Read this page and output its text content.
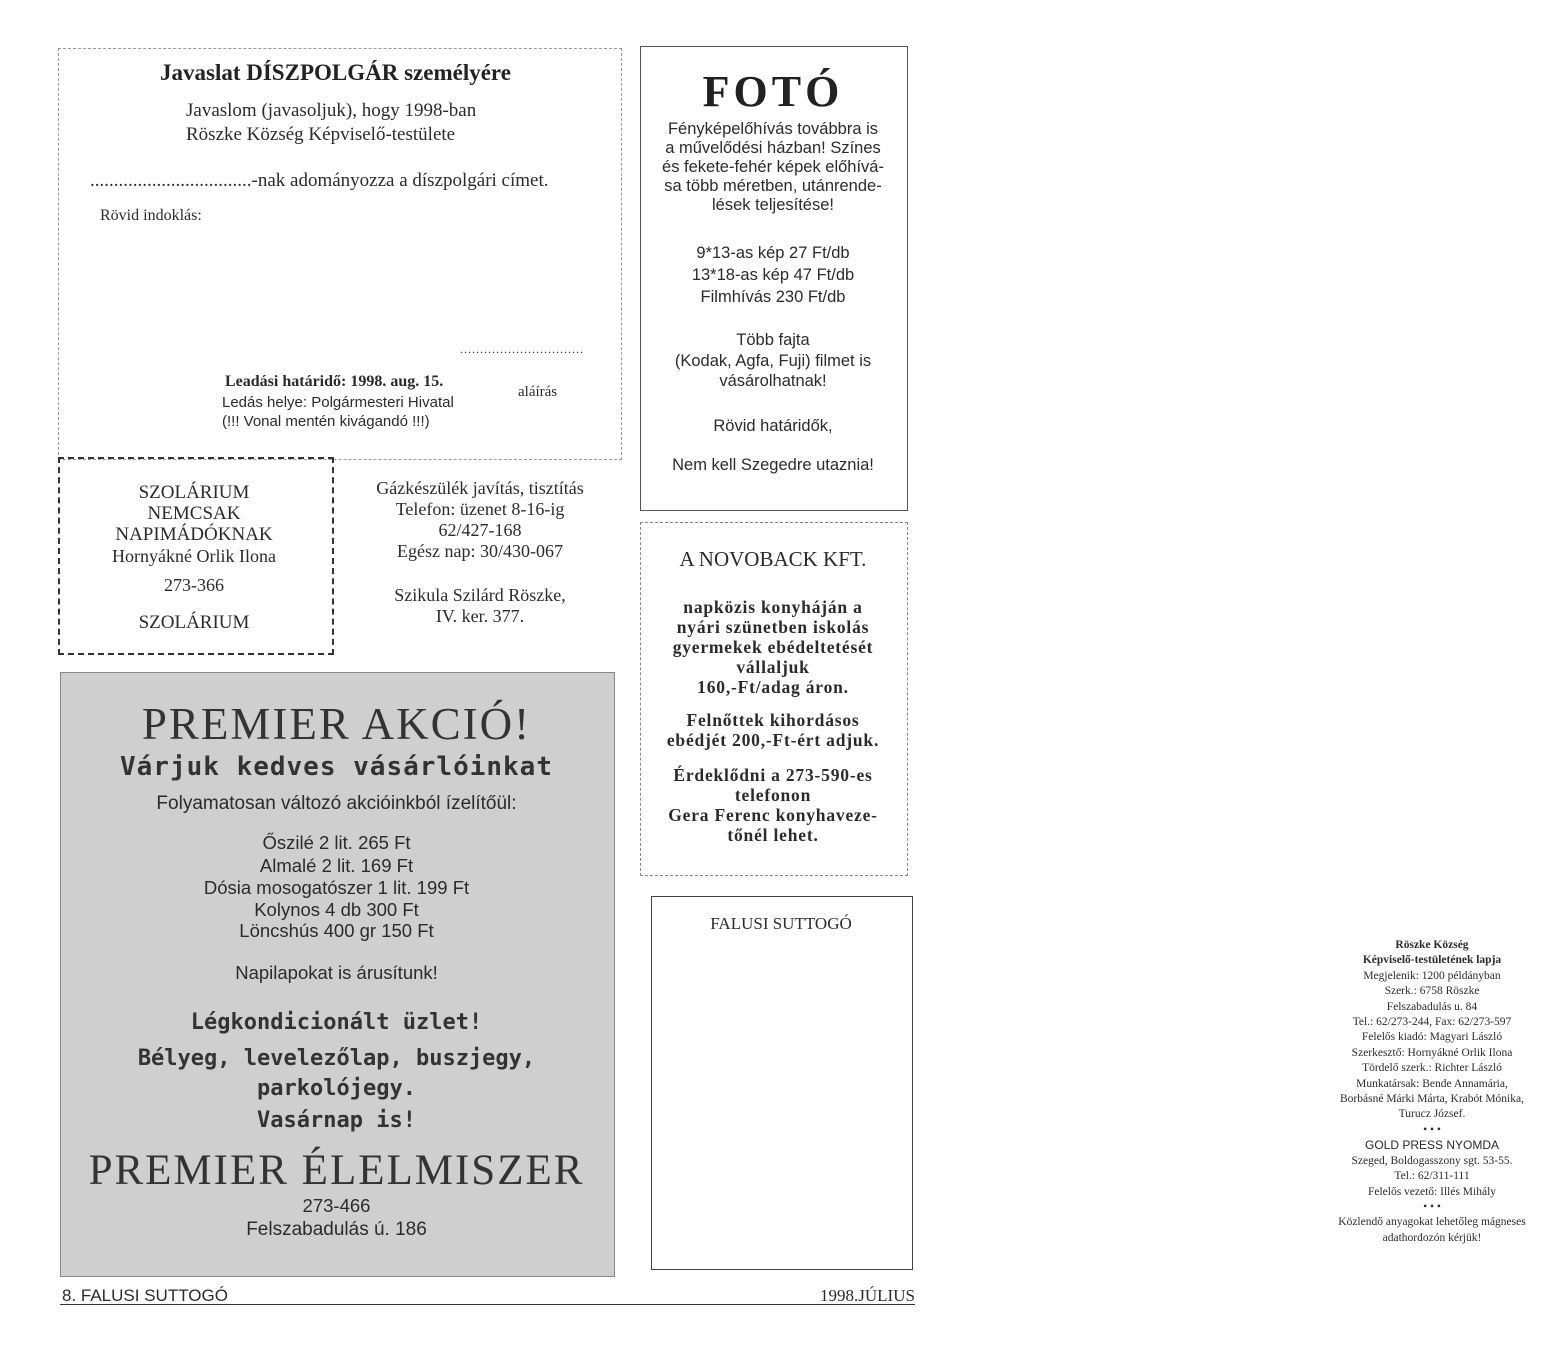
Javaslat DÍSZPOLGÁR személyére
Javaslom (javasoljuk), hogy 1998-ban
Röszke Község Képviselő-testülete
..................................-nak adományozza a díszpolgári címet.
Rövid indoklás:
...............................
aláírás
Leadási határidő: 1998. aug. 15.
Ledás helye: Polgármesteri Hivatal
(!!! Vonal mentén kivágandó !!!)
FOTÓ
Fényképelőhívás továbbra is
a művelődési házban! Színes
és fekete-fehér képek előhívá-
sa több méretben, utánrende-
lések teljesítése!
9*13-as kép 27 Ft/db
13*18-as kép 47 Ft/db
Filmhívás 230 Ft/db
Több fajta
(Kodak, Agfa, Fuji) filmet is
vásárolhatnak!
Rövid határidők,
Nem kell Szegedre utaznia!
SZOLÁRIUM
NEMCSAK
NAPIMÁDÓKNAK
Hornyákné Orlik Ilona
273-366
SZOLÁRIUM
Gázkészülék javítás, tisztítás
Telefon: üzenet 8-16-ig
62/427-168
Egész nap: 30/430-067
Szikula Szilárd Röszke,
IV. ker. 377.
A NOVOBACK KFT.
napközis konyháján a
nyári szünetben iskolás
gyermekek ebédeltetését
vállaljuk
160,-Ft/adag áron.
Felnőttek kihordásos
ebédjét 200,-Ft-ért adjuk.
Érdeklődni a 273-590-es
telefonon
Gera Ferenc konyhaveze-
tőnél lehet.
FALUSI SUTTOGÓ
Röszke Község
Képviselő-testületének lapja
Megjelenik: 1200 példányban
Szerk.: 6758 Röszke
Felszabadulás u. 84
Tel.: 62/273-244, Fax: 62/273-597
Felelős kiadó: Magyari László
Szerkesztő: Hornyákné Orlik Ilona
Tördelő szerk.: Richter László
Munkatársak: Bende Annamária,
Borbásné Márki Márta, Krabót Mónika,
Turucz József.
• • •
GOLD PRESS NYOMDA
Szeged, Boldogasszony sgt. 53-55.
Tel.: 62/311-111
Felelős vezető: Illés Mihály
• • •
Közlendő anyagokat lehetőleg mágneses
adathordozón kérjük!
PREMIER AKCIÓ!
Várjuk kedves vásárlóinkat
Folyamatosan változó akcióinkból ízelítőül:
Őszilé 2 lit. 265 Ft
Almalé 2 lit. 169 Ft
Dósia mosogatószer 1 lit. 199 Ft
Kolynos 4 db 300 Ft
Löncshús 400 gr 150 Ft
Napilapokat is árusítunk!
Légkondicionált üzlet!
Bélyeg, levelezőlap, buszjegy,
parkolójegy.
Vasárnap is!
PREMIER ÉLELMISZER
273-466
Felszabadulás ú. 186
8. FALUSI SUTTOGÓ	1998.JÚLIUS
